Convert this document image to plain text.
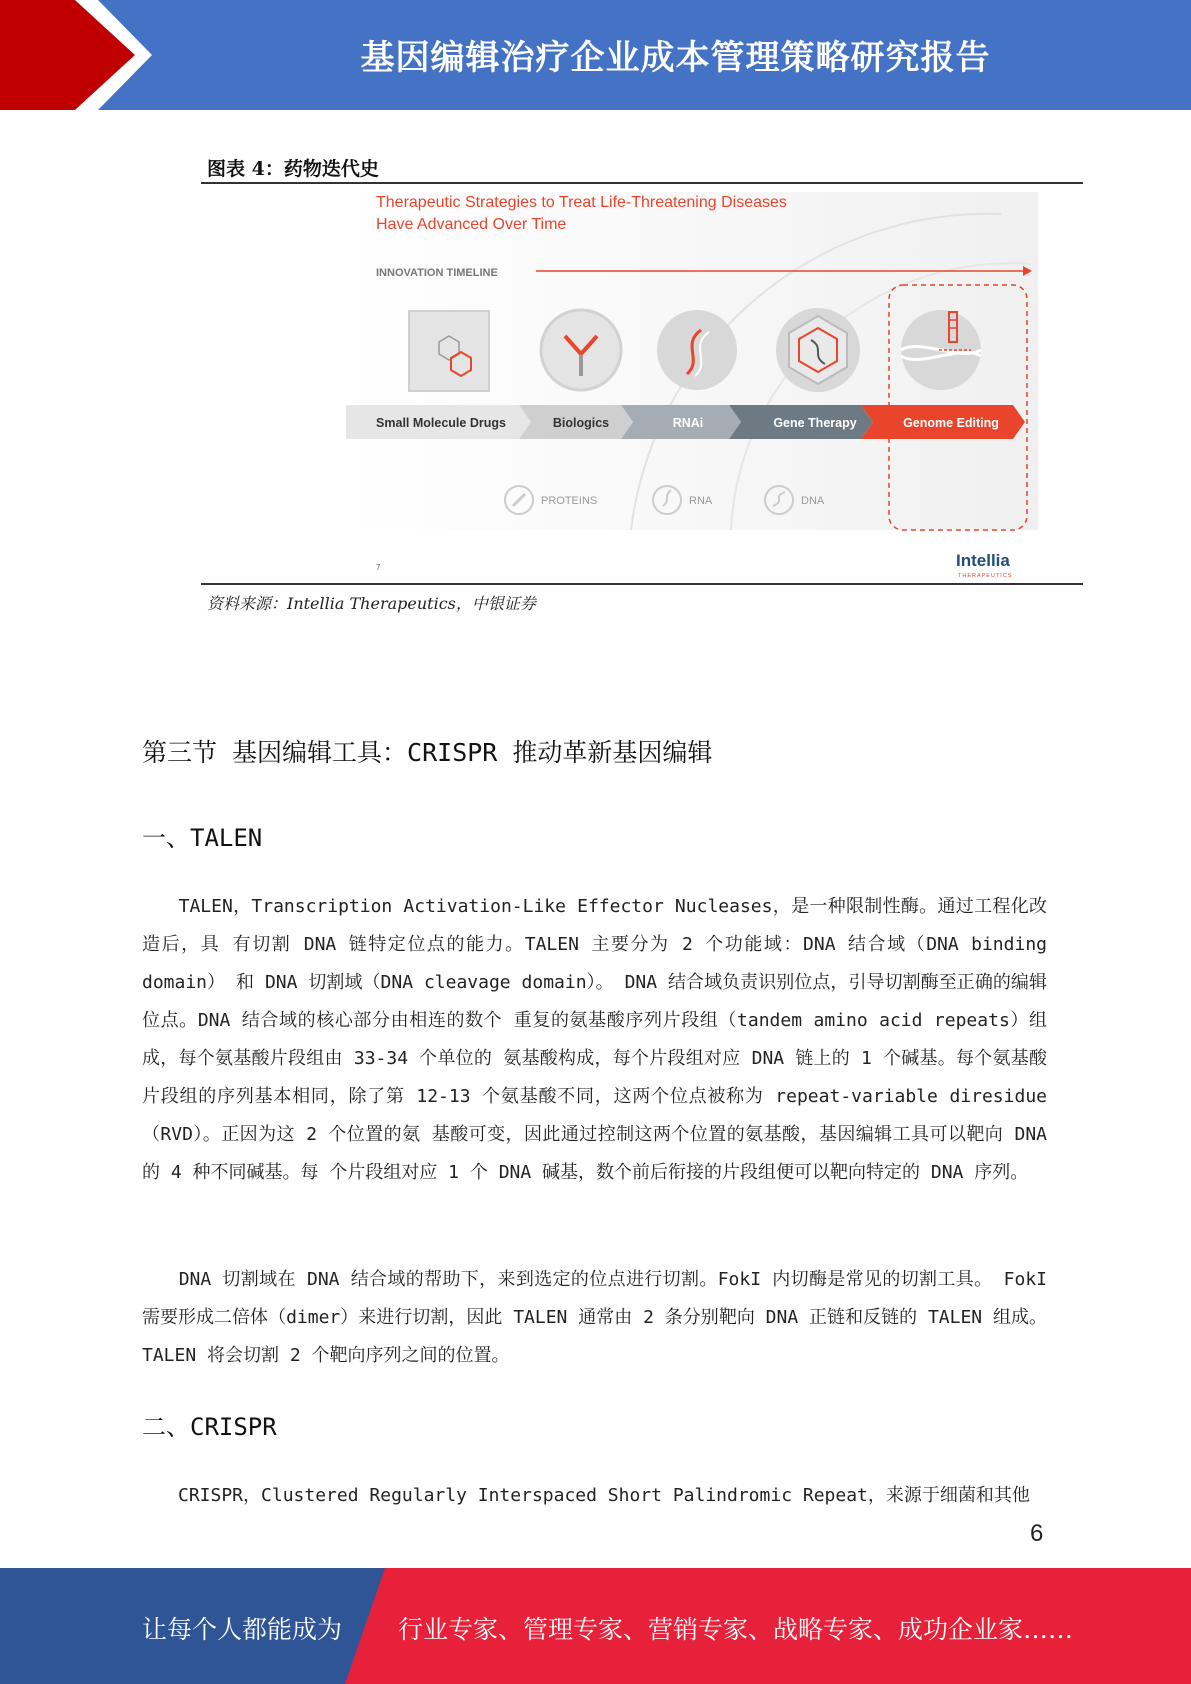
基因编辑治疗企业成本管理策略研究报告
图表 4：药物迭代史
Therapeutic Strategies to Treat Life-Threatening Diseases
Have Advanced Over Time
INNOVATION TIMELINE
Small Molecule Drugs	Biologics	RNAi	Gene Therapy	Genome Editing
PROTEINS	RNA	DNA
7	Intellia
THERAPEUTICS
资料来源：Intellia Therapeutics，中银证券
第三节 基因编辑工具：CRISPR 推动革新基因编辑
一、TALEN
　　TALEN，Transcription Activation-Like Effector Nucleases，是一种限制性酶。通过工程化改造后，具 有切割 DNA 链特定位点的能力。TALEN 主要分为 2 个功能域：DNA 结合域（DNA binding domain） 和 DNA 切割域（DNA cleavage domain）。 DNA 结合域负责识别位点，引导切割酶至正确的编辑位点。DNA 结合域的核心部分由相连的数个 重复的氨基酸序列片段组（tandem amino acid repeats）组成，每个氨基酸片段组由 33-34 个单位的 氨基酸构成，每个片段组对应 DNA 链上的 1 个碱基。每个氨基酸片段组的序列基本相同，除了第 12-13 个氨基酸不同，这两个位点被称为 repeat-variable diresidue（RVD）。正因为这 2 个位置的氨 基酸可变，因此通过控制这两个位置的氨基酸，基因编辑工具可以靶向 DNA 的 4 种不同碱基。每 个片段组对应 1 个 DNA 碱基，数个前后衔接的片段组便可以靶向特定的 DNA 序列。
　　DNA 切割域在 DNA 结合域的帮助下，来到选定的位点进行切割。FokI 内切酶是常见的切割工具。 FokI 需要形成二倍体（dimer）来进行切割，因此 TALEN 通常由 2 条分别靶向 DNA 正链和反链的 TALEN 组成。TALEN 将会切割 2 个靶向序列之间的位置。
二、CRISPR
　　CRISPR，Clustered Regularly Interspaced Short Palindromic Repeat，来源于细菌和其他
6
让每个人都能成为 行业专家、管理专家、营销专家、战略专家、成功企业家……
